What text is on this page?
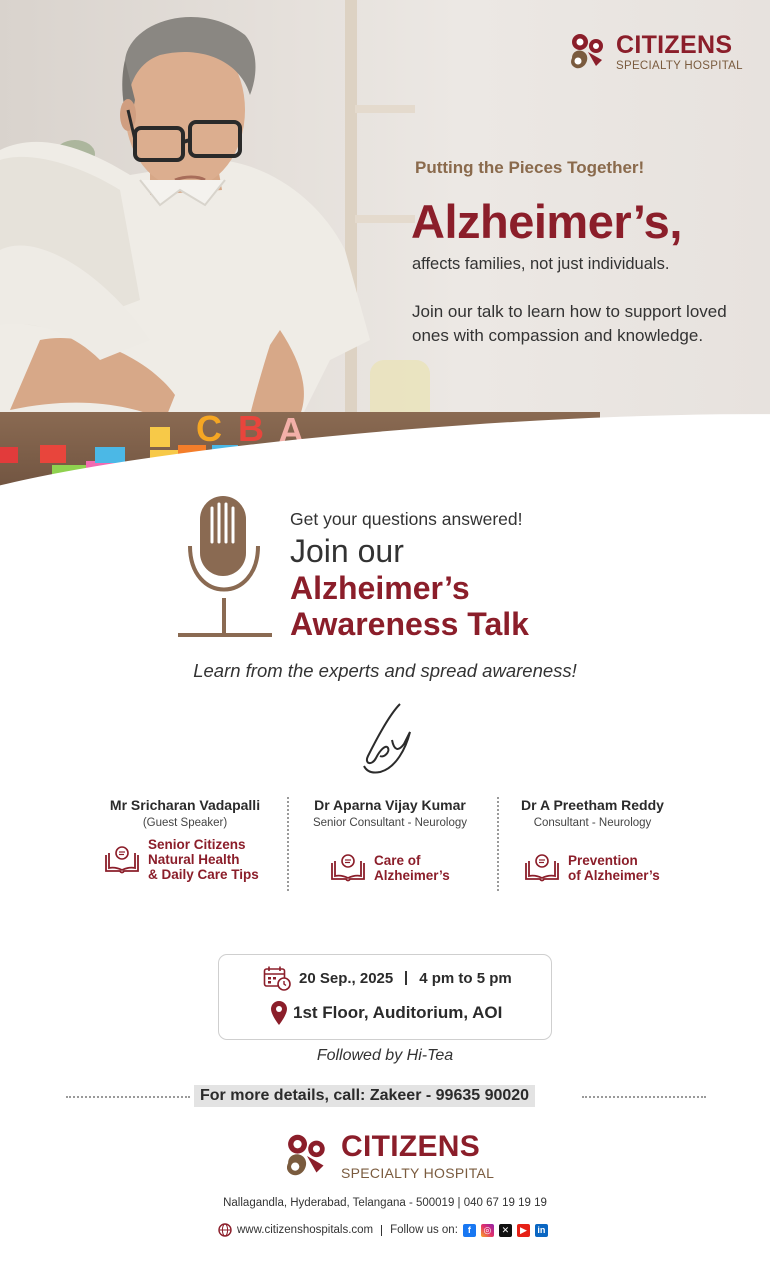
C B A
CITIZENS
SPECIALTY HOSPITAL
Putting the Pieces Together!
Alzheimer’s,
affects families, not just individuals.
Join our talk to learn how to support loved ones with compassion and knowledge.
Get your questions answered!
Join our
Alzheimer’s
Awareness Talk
Learn from the experts and spread awareness!
by
Mr Sricharan Vadapalli
(Guest Speaker)
Senior Citizens
Natural Health
& Daily Care Tips
Dr Aparna Vijay Kumar
Senior Consultant - Neurology
Care of
Alzheimer’s
Dr A Preetham Reddy
Consultant - Neurology
Prevention
of Alzheimer’s
20 Sep., 2025 4 pm to 5 pm
1st Floor, Auditorium, AOI
Followed by Hi-Tea
For more details, call: Zakeer - 99635 90020
CITIZENS
SPECIALTY HOSPITAL
Nallagandla, Hyderabad, Telangana - 500019 | 040 67 19 19 19
www.citizenshospitals.com Follow us on:	f	◎	✕	▶	in
